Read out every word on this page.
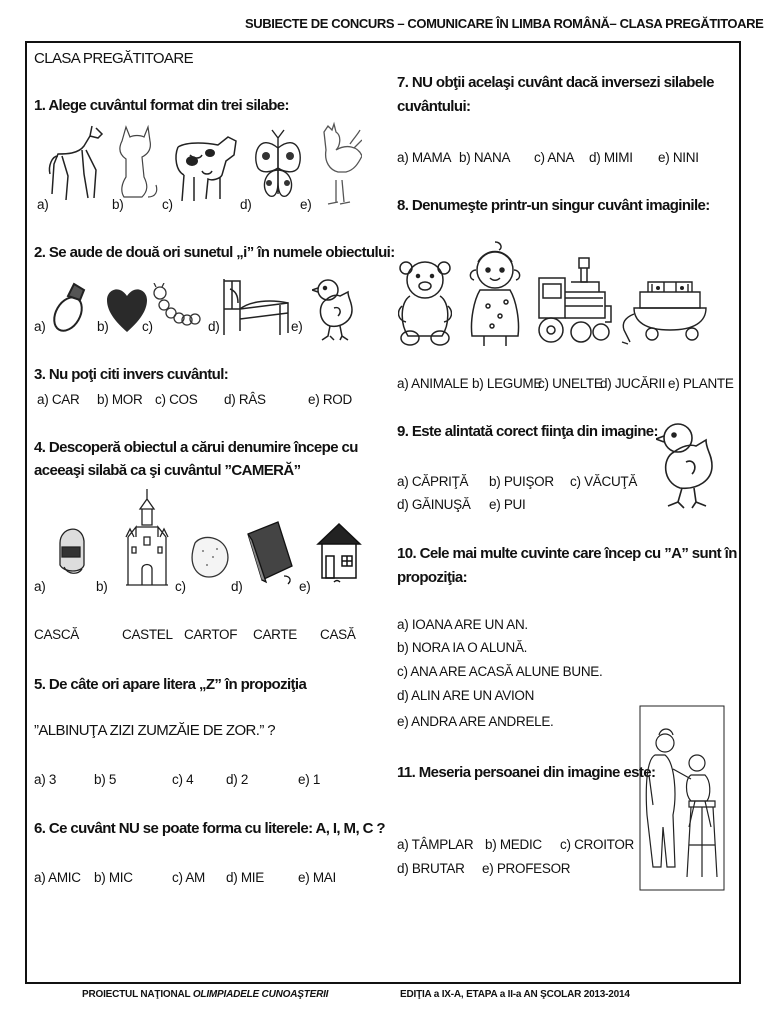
SUBIECTE DE CONCURS – COMUNICARE ÎN LIMBA ROMÂNĂ– CLASA PREGĂTITOARE
CLASA PREGĂTITOARE
1. Alege cuvântul format din trei silabe:
a)	b)	c)	d)	e)
2. Se aude de două ori sunetul „i” în numele obiectului:
a)	b) c)	d)	e)
3. Nu poţi citi invers cuvântul:
a) CAR b) MOR c) COS d) RÂS	e) ROD
4. Descoperă obiectul a cărui denumire începe cu
aceeaşi silabă ca şi cuvântul ”CAMERĂ”
a)	b)	c)	d)	e)
CASCĂ	CASTEL CARTOF CARTE CASĂ
5. De câte ori apare litera „Z” în propoziţia
”ALBINUŢA ZIZI ZUMZĂIE DE ZOR.” ?
a) 3	b) 5	c) 4 d) 2	e) 1
6. Ce cuvânt NU se poate forma cu literele: A, I, M, C ?
a) AMIC b) MIC	c) AM d) MIE	e) MAI
7. NU obţii acelaşi cuvânt dacă inversezi silabele
cuvântului:
a) MAMA b) NANA c) ANA d) MIMI e) NINI
8. Denumeşte printr-un singur cuvânt imaginile:
a) ANIMALE b) LEGUME
c) UNELTE
d) JUCĂRII e) PLANTE
9. Este alintată corect fiinţa din imagine:
a) CĂPRIŢĂ b) PUIŞOR c) VĂCUŢĂ
d) GĂINUŞĂ e) PUI
10. Cele mai multe cuvinte care încep cu ”A” sunt în
propoziţia:
a) IOANA ARE UN AN.
b) NORA IA O ALUNĂ.
c) ANA ARE ACASĂ ALUNE BUNE.
d) ALIN ARE UN AVION
e) ANDRA ARE ANDRELE.
11. Meseria persoanei din imagine este:
a) TÂMPLAR b) MEDIC c) CROITOR
d) BRUTAR e) PROFESOR
PROIECTUL NAŢIONAL OLIMPIADELE CUNOAŞTERII	EDIŢIA a IX-A, ETAPA a II-a AN ŞCOLAR 2013-2014
